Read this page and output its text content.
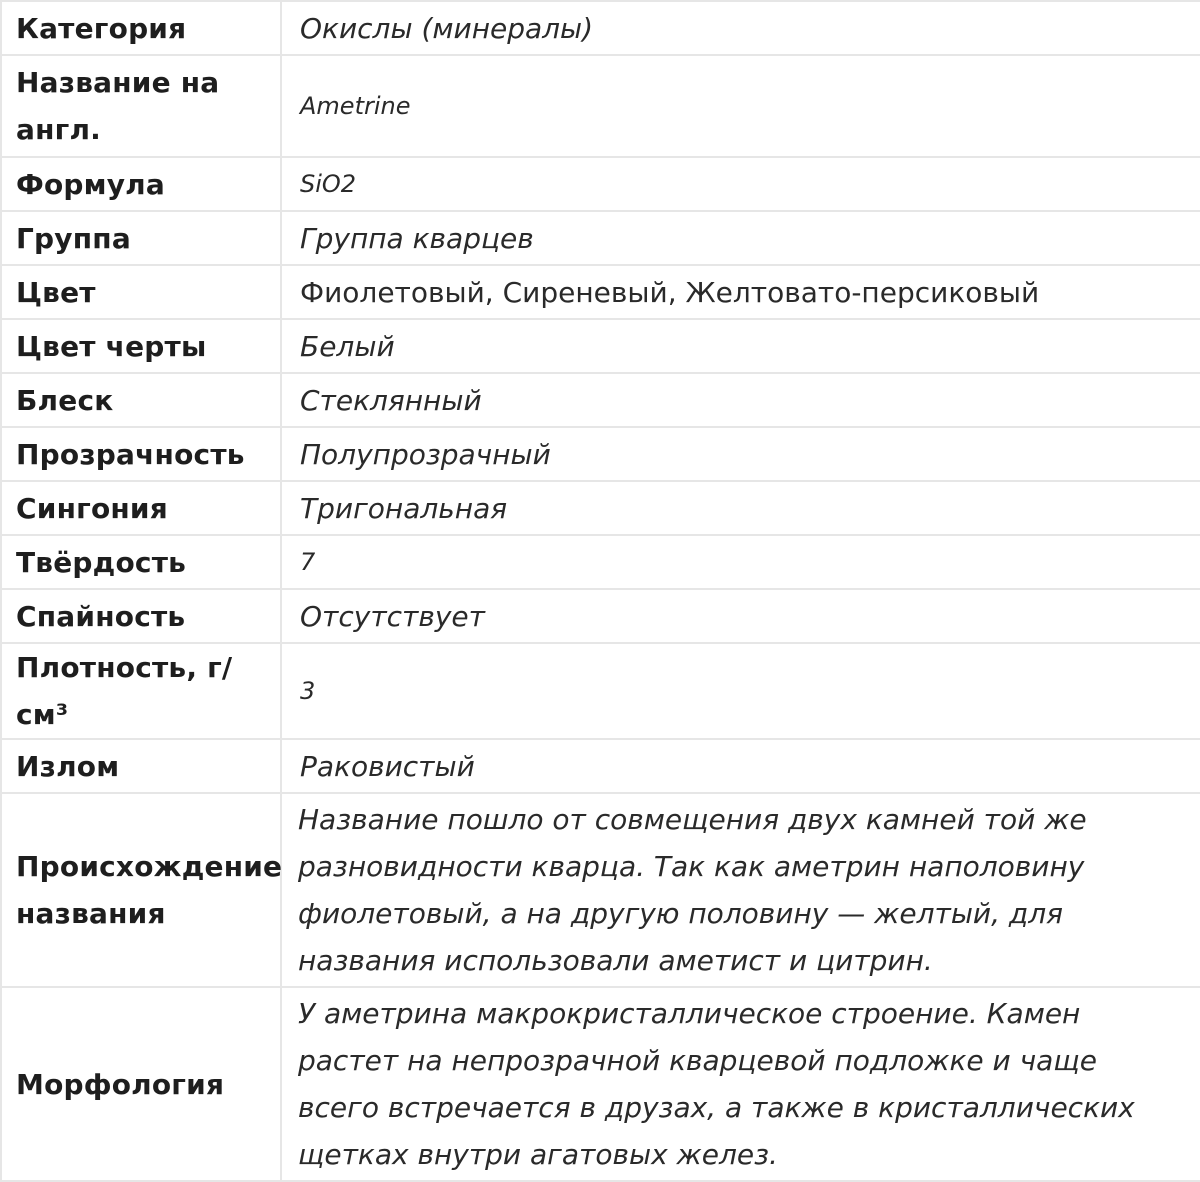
Категория	Окислы (минералы)
Название на англ.	Ametrine
Формула	SiO2
Группа	Группа кварцев
Цвет	Фиолетовый, Сиреневый, Желтовато-персиковый
Цвет черты	Белый
Блеск	Стеклянный
Прозрачность	Полупрозрачный
Сингония	Тригональная
Твёрдость	7
Спайность	Отсутствует
Плотность, г/см³	3
Излом	Раковистый
Происхождение названия	Название пошло от совмещения двух камней той же разновидности кварца. Так как аметрин наполовину фиолетовый, а на другую половину — желтый, для названия использовали аметист и цитрин.
Морфология	У аметрина макрокристаллическое строение. Камен растет на непрозрачной кварцевой подложке и чаще всего встречается в друзах, а также в кристаллических щетках внутри агатовых желез.
